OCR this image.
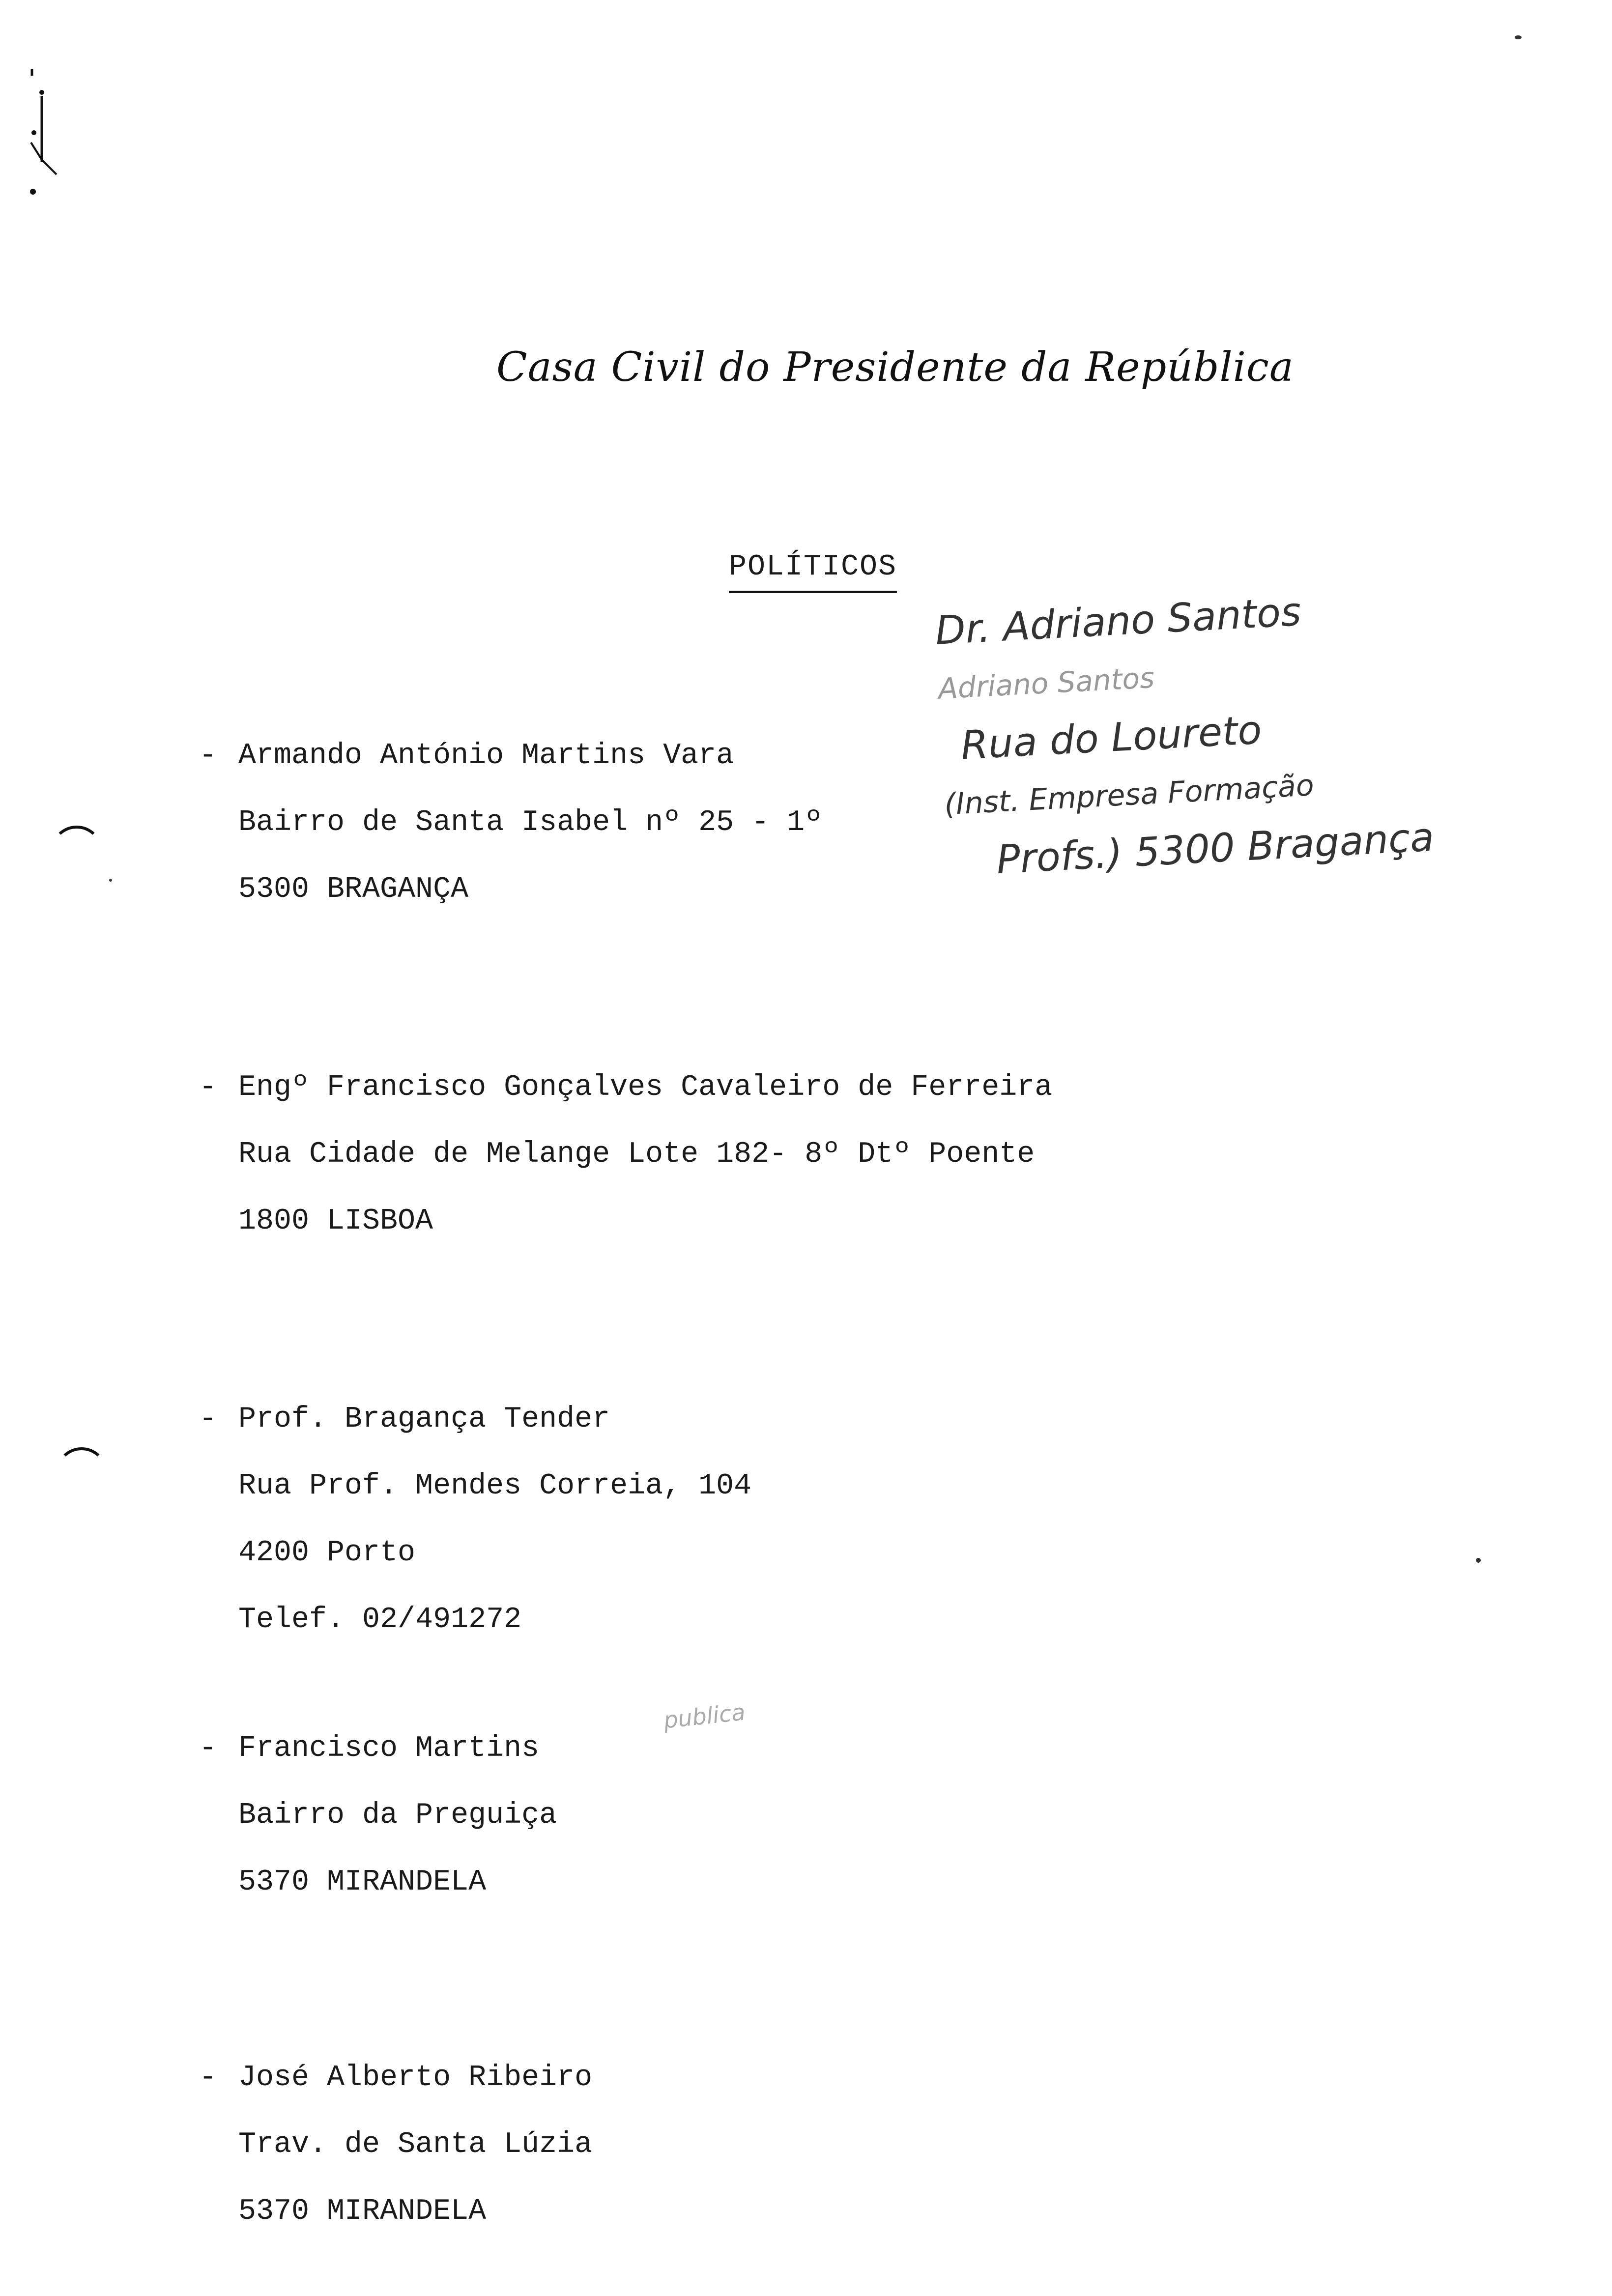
Casa Civil do Presidente da República
POLÍTICOS
Dr. Adriano Santos
Adriano Santos
Rua do Loureto
(Inst. Empresa Formação
Profs.) 5300 Bragança
publica
- Armando António Martins Vara
Bairro de Santa Isabel nº 25 - 1º
5300 BRAGANÇA
- Engº Francisco Gonçalves Cavaleiro de Ferreira
Rua Cidade de Melange Lote 182- 8º Dtº Poente
1800 LISBOA
- Prof. Bragança Tender
Rua Prof. Mendes Correia, 104
4200 Porto
Telef. 02/491272
- Francisco Martins
Bairro da Preguiça
5370 MIRANDELA
- José Alberto Ribeiro
Trav. de Santa Lúzia
5370 MIRANDELA
